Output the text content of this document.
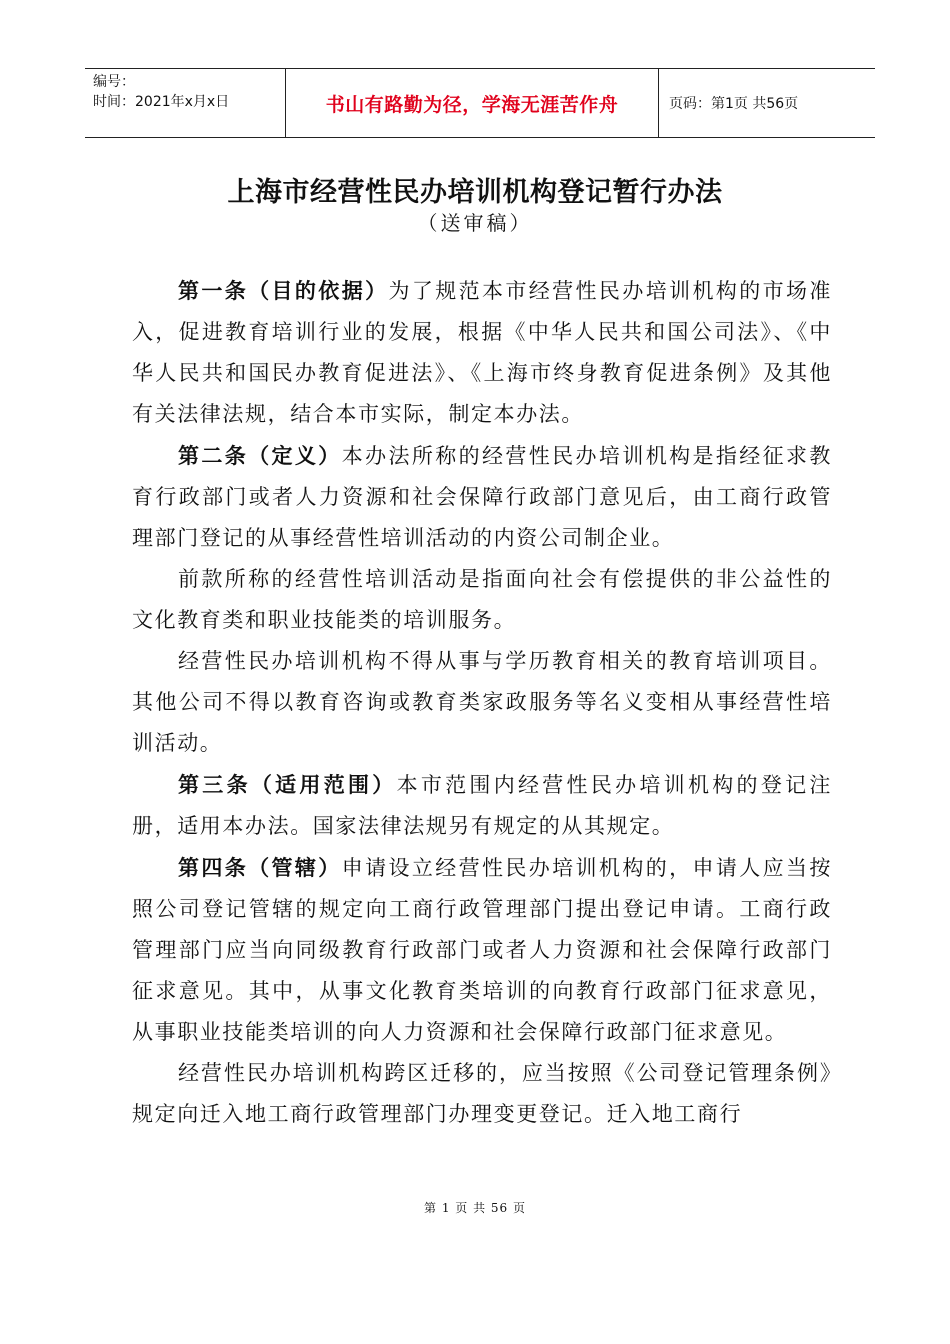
编号：
时间：2021年x月x日	书山有路勤为径，学海无涯苦作舟	页码：第1页 共56页
上海市经营性民办培训机构登记暂行办法
（送审稿）

第一条（目的依据）为了规范本市经营性民办培训机构的市场准入，促进教育培训行业的发展，根据《中华人民共和国公司法》、《中华人民共和国民办教育促进法》、《上海市终身教育促进条例》及其他有关法律法规，结合本市实际，制定本办法。

第二条（定义）本办法所称的经营性民办培训机构是指经征求教育行政部门或者人力资源和社会保障行政部门意见后，由工商行政管理部门登记的从事经营性培训活动的内资公司制企业。

前款所称的经营性培训活动是指面向社会有偿提供的非公益性的文化教育类和职业技能类的培训服务。

经营性民办培训机构不得从事与学历教育相关的教育培训项目。其他公司不得以教育咨询或教育类家政服务等名义变相从事经营性培训活动。

第三条（适用范围）本市范围内经营性民办培训机构的登记注册，适用本办法。国家法律法规另有规定的从其规定。

第四条（管辖）申请设立经营性民办培训机构的，申请人应当按照公司登记管辖的规定向工商行政管理部门提出登记申请。工商行政管理部门应当向同级教育行政部门或者人力资源和社会保障行政部门征求意见。其中，从事文化教育类培训的向教育行政部门征求意见，从事职业技能类培训的向人力资源和社会保障行政部门征求意见。

经营性民办培训机构跨区迁移的，应当按照《公司登记管理条例》规定向迁入地工商行政管理部门办理变更登记。迁入地工商行

第 1 页 共 56 页
